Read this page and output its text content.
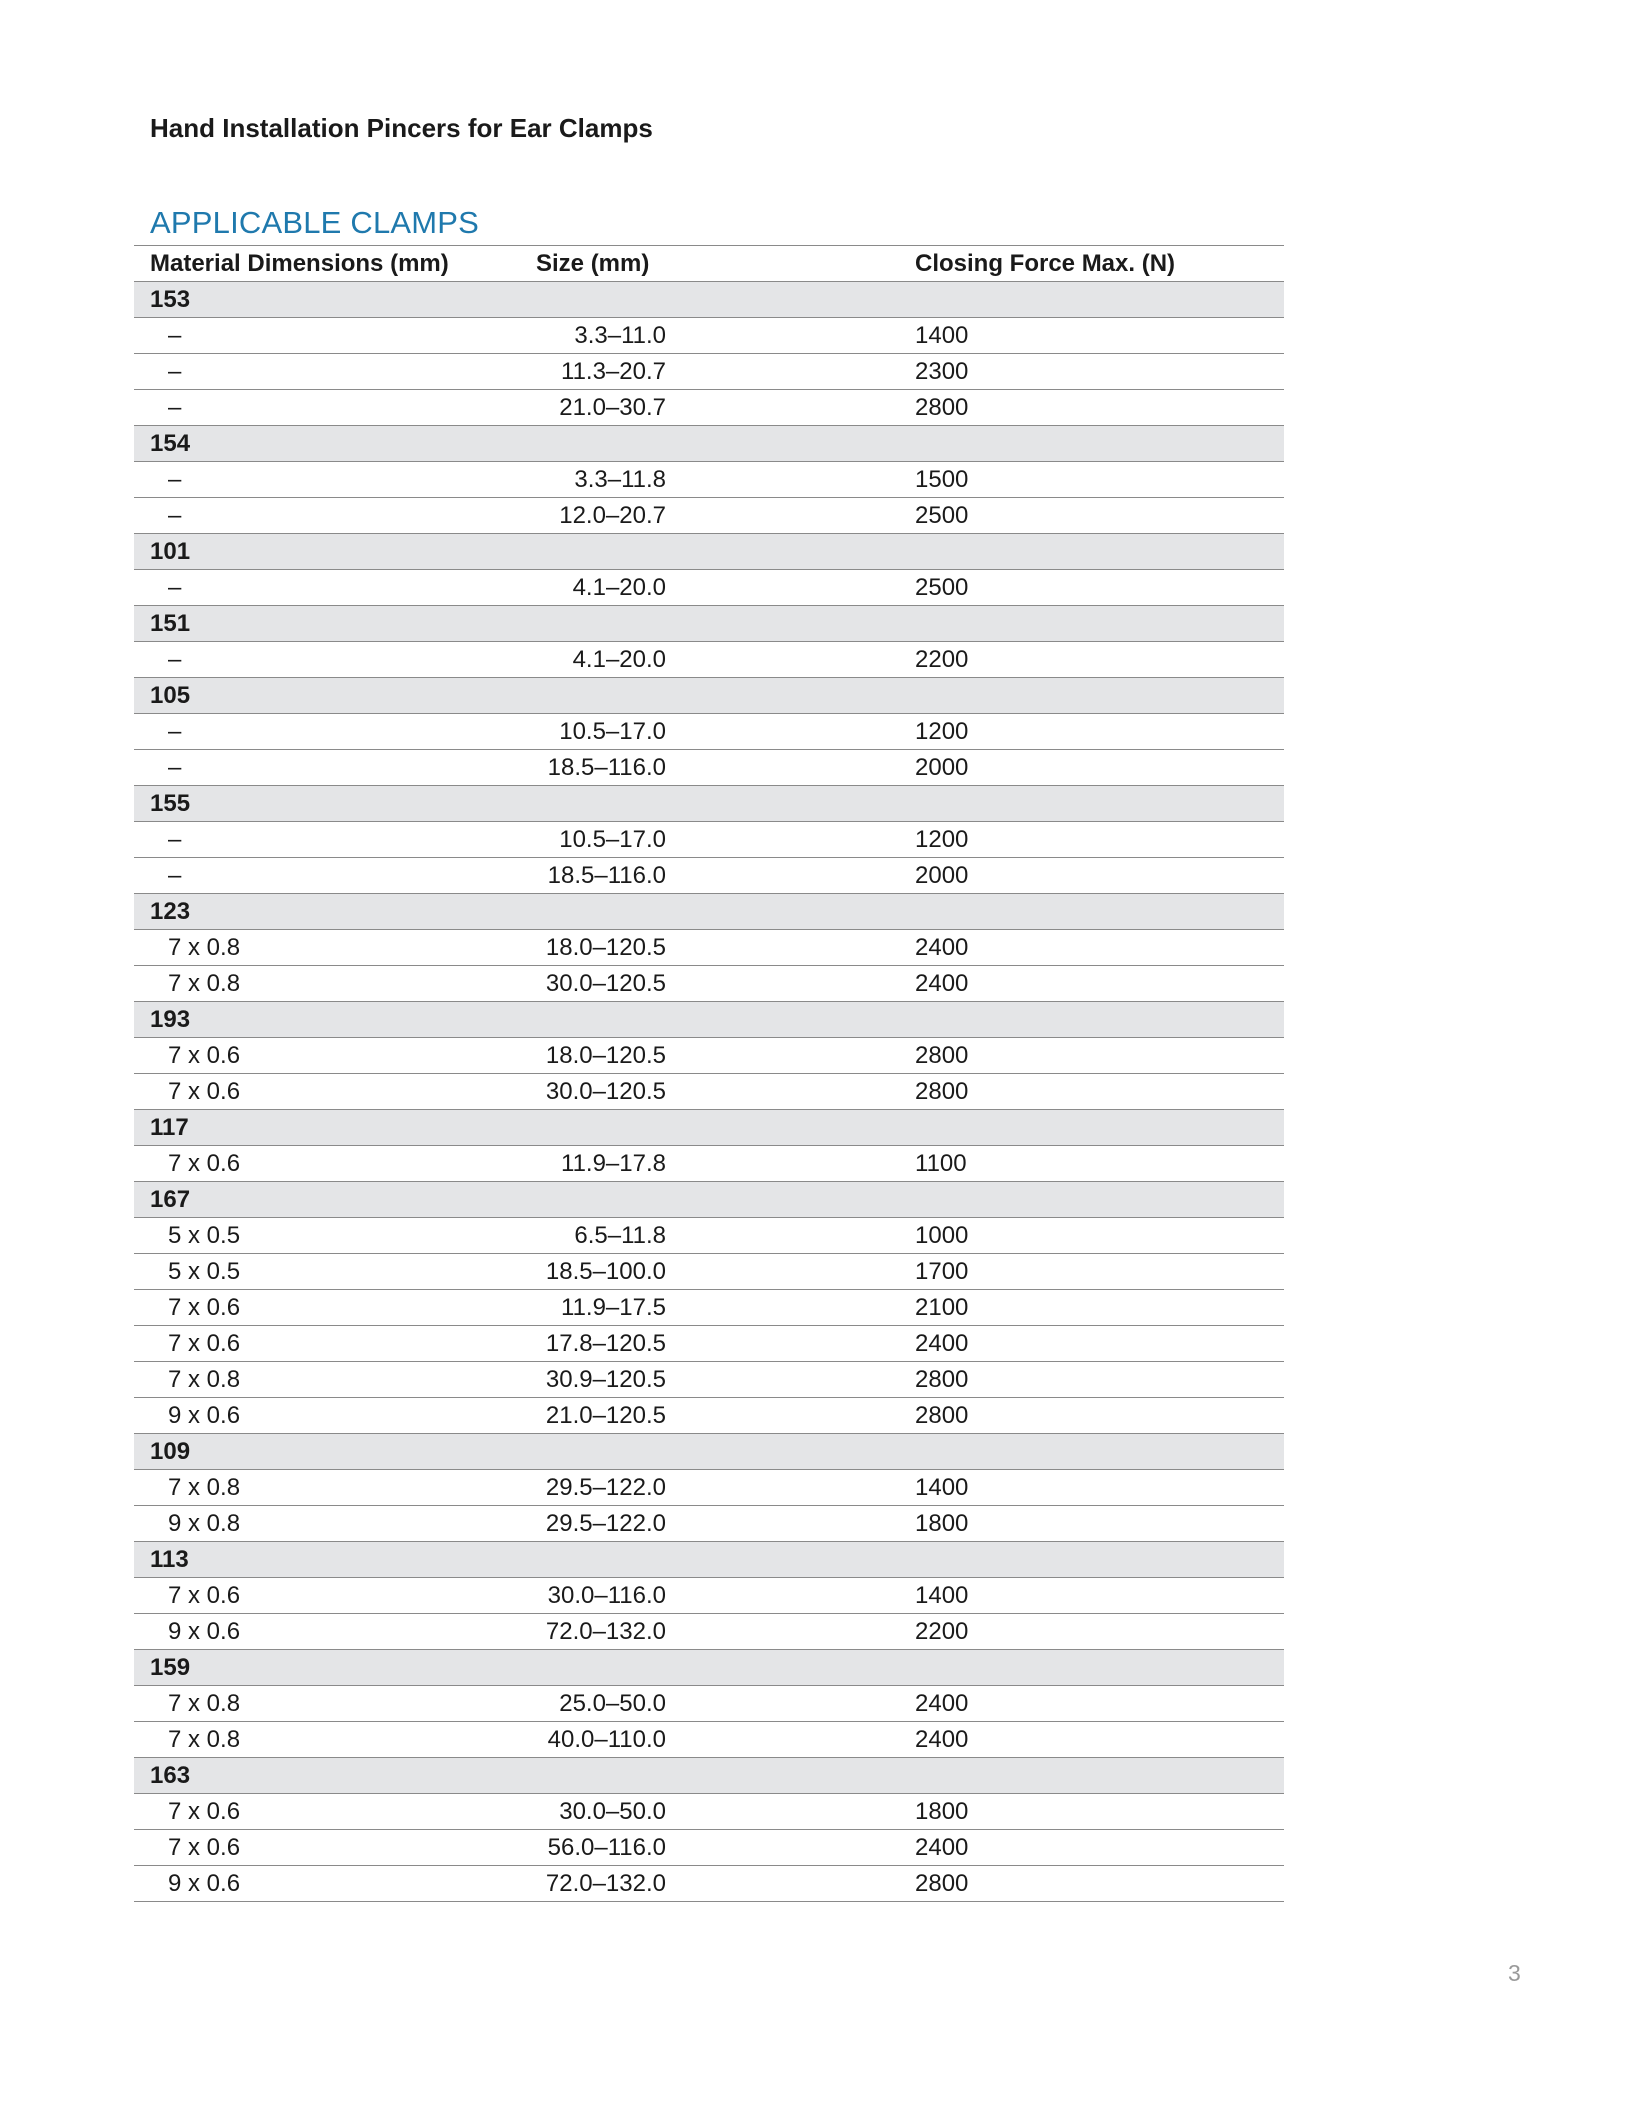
Hand Installation Pincers for Ear Clamps
APPLICABLE CLAMPS
Material Dimensions (mm)	Size (mm)	Closing Force Max. (N)
153
–	3.3–11.0	1400
–	11.3–20.7	2300
–	21.0–30.7	2800
154
–	3.3–11.8	1500
–	12.0–20.7	2500
101
–	4.1–20.0	2500
151
–	4.1–20.0	2200
105
–	10.5–17.0	1200
–	18.5–116.0	2000
155
–	10.5–17.0	1200
–	18.5–116.0	2000
123
7 x 0.8	18.0–120.5	2400
7 x 0.8	30.0–120.5	2400
193
7 x 0.6	18.0–120.5	2800
7 x 0.6	30.0–120.5	2800
117
7 x 0.6	11.9–17.8	1100
167
5 x 0.5	6.5–11.8	1000
5 x 0.5	18.5–100.0	1700
7 x 0.6	11.9–17.5	2100
7 x 0.6	17.8–120.5	2400
7 x 0.8	30.9–120.5	2800
9 x 0.6	21.0–120.5	2800
109
7 x 0.8	29.5–122.0	1400
9 x 0.8	29.5–122.0	1800
113
7 x 0.6	30.0–116.0	1400
9 x 0.6	72.0–132.0	2200
159
7 x 0.8	25.0–50.0	2400
7 x 0.8	40.0–110.0	2400
163
7 x 0.6	30.0–50.0	1800
7 x 0.6	56.0–116.0	2400
9 x 0.6	72.0–132.0	2800
3
